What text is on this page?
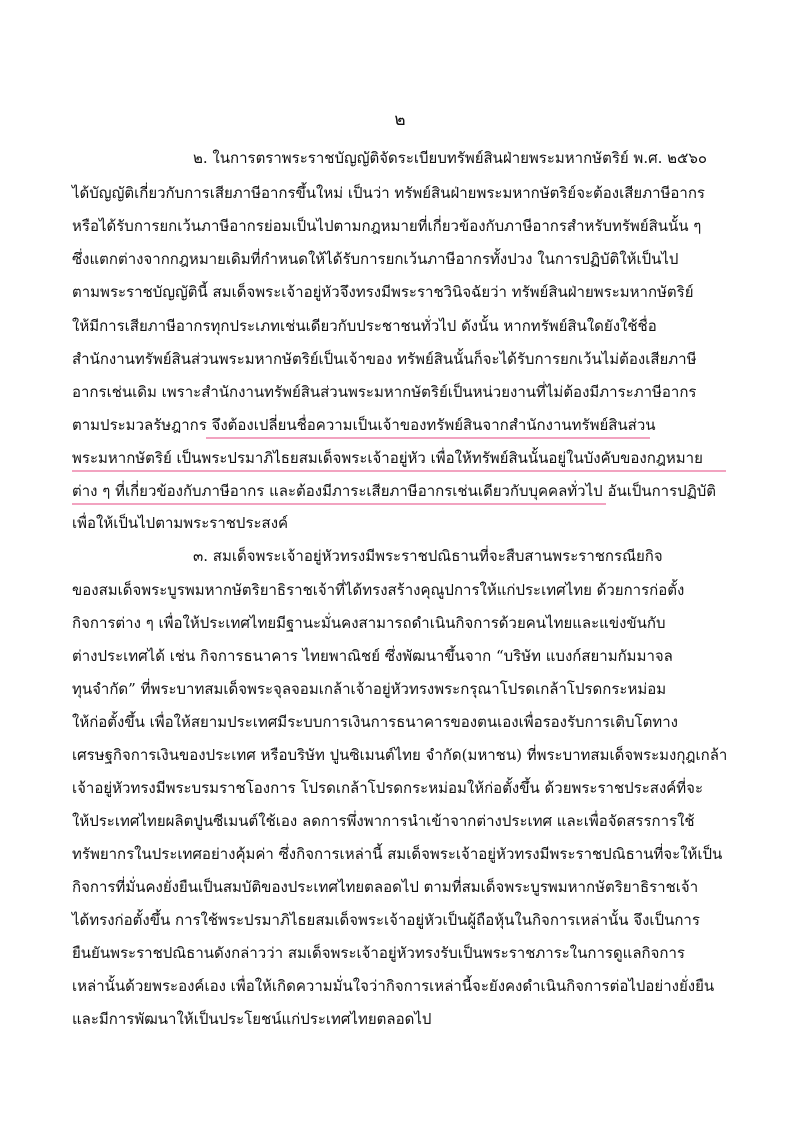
๒
๒. ในการตราพระราชบัญญัติจัดระเบียบทรัพย์สินฝ่ายพระมหากษัตริย์ พ.ศ. ๒๕๖๐
ได้บัญญัติเกี่ยวกับการเสียภาษีอากรขึ้นใหม่ เป็นว่า ทรัพย์สินฝ่ายพระมหากษัตริย์จะต้องเสียภาษีอากร
หรือได้รับการยกเว้นภาษีอากรย่อมเป็นไปตามกฎหมายที่เกี่ยวข้องกับภาษีอากรสำหรับทรัพย์สินนั้น ๆ
ซึ่งแตกต่างจากกฎหมายเดิมที่กำหนดให้ได้รับการยกเว้นภาษีอากรทั้งปวง ในการปฏิบัติให้เป็นไป
ตามพระราชบัญญัตินี้ สมเด็จพระเจ้าอยู่หัวจึงทรงมีพระราชวินิจฉัยว่า ทรัพย์สินฝ่ายพระมหากษัตริย์
ให้มีการเสียภาษีอากรทุกประเภทเช่นเดียวกับประชาชนทั่วไป ดังนั้น หากทรัพย์สินใดยังใช้ชื่อ
สำนักงานทรัพย์สินส่วนพระมหากษัตริย์เป็นเจ้าของ ทรัพย์สินนั้นก็จะได้รับการยกเว้นไม่ต้องเสียภาษี
อากรเช่นเดิม เพราะสำนักงานทรัพย์สินส่วนพระมหากษัตริย์เป็นหน่วยงานที่ไม่ต้องมีภาระภาษีอากร
ตามประมวลรัษฎากร จึงต้องเปลี่ยนชื่อความเป็นเจ้าของทรัพย์สินจากสำนักงานทรัพย์สินส่วน
พระมหากษัตริย์ เป็นพระปรมาภิไธยสมเด็จพระเจ้าอยู่หัว เพื่อให้ทรัพย์สินนั้นอยู่ในบังคับของกฎหมาย
ต่าง ๆ ที่เกี่ยวข้องกับภาษีอากร และต้องมีภาระเสียภาษีอากรเช่นเดียวกับบุคคลทั่วไป อันเป็นการปฏิบัติ
เพื่อให้เป็นไปตามพระราชประสงค์
๓. สมเด็จพระเจ้าอยู่หัวทรงมีพระราชปณิธานที่จะสืบสานพระราชกรณียกิจ
ของสมเด็จพระบูรพมหากษัตริยาธิราชเจ้าที่ได้ทรงสร้างคุณูปการให้แก่ประเทศไทย ด้วยการก่อตั้ง
กิจการต่าง ๆ เพื่อให้ประเทศไทยมีฐานะมั่นคงสามารถดำเนินกิจการด้วยคนไทยและแข่งขันกับ
ต่างประเทศได้ เช่น กิจการธนาคาร ไทยพาณิชย์ ซึ่งพัฒนาขึ้นจาก “บริษัท แบงก์สยามกัมมาจล
ทุนจำกัด” ที่พระบาทสมเด็จพระจุลจอมเกล้าเจ้าอยู่หัวทรงพระกรุณาโปรดเกล้าโปรดกระหม่อม
ให้ก่อตั้งขึ้น เพื่อให้สยามประเทศมีระบบการเงินการธนาคารของตนเองเพื่อรองรับการเติบโตทาง
เศรษฐกิจการเงินของประเทศ หรือบริษัท ปูนซิเมนต์ไทย จำกัด(มหาชน) ที่พระบาทสมเด็จพระมงกุฎเกล้า
เจ้าอยู่หัวทรงมีพระบรมราชโองการ โปรดเกล้าโปรดกระหม่อมให้ก่อตั้งขึ้น ด้วยพระราชประสงค์ที่จะ
ให้ประเทศไทยผลิตปูนซีเมนต์ใช้เอง ลดการพึ่งพาการนำเข้าจากต่างประเทศ และเพื่อจัดสรรการใช้
ทรัพยากรในประเทศอย่างคุ้มค่า ซึ่งกิจการเหล่านี้ สมเด็จพระเจ้าอยู่หัวทรงมีพระราชปณิธานที่จะให้เป็น
กิจการที่มั่นคงยั่งยืนเป็นสมบัติของประเทศไทยตลอดไป ตามที่สมเด็จพระบูรพมหากษัตริยาธิราชเจ้า
ได้ทรงก่อตั้งขึ้น การใช้พระปรมาภิไธยสมเด็จพระเจ้าอยู่หัวเป็นผู้ถือหุ้นในกิจการเหล่านั้น จึงเป็นการ
ยืนยันพระราชปณิธานดังกล่าวว่า สมเด็จพระเจ้าอยู่หัวทรงรับเป็นพระราชภาระในการดูแลกิจการ
เหล่านั้นด้วยพระองค์เอง เพื่อให้เกิดความมั่นใจว่ากิจการเหล่านี้จะยังคงดำเนินกิจการต่อไปอย่างยั่งยืน
และมีการพัฒนาให้เป็นประโยชน์แก่ประเทศไทยตลอดไป
